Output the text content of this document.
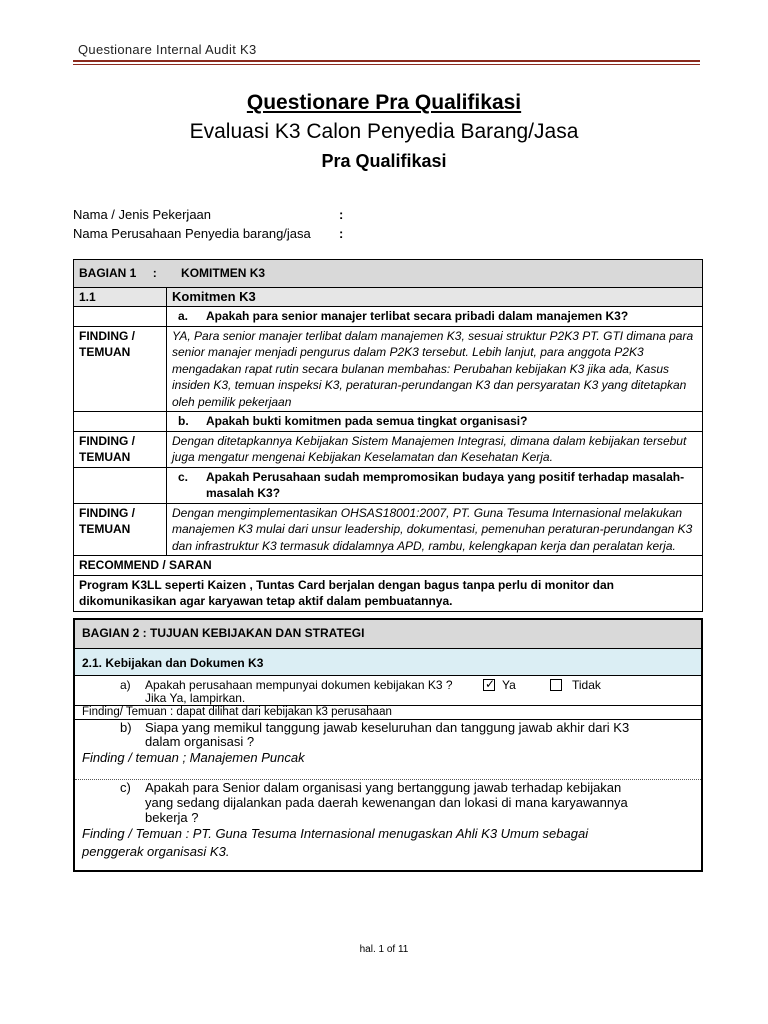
Questionare Internal Audit K3
Questionare Pra Qualifikasi
Evaluasi K3 Calon Penyedia Barang/Jasa
Pra Qualifikasi
Nama / Jenis Pekerjaan	:
Nama Perusahaan Penyedia barang/jasa :
BAGIAN 1 : KOMITMEN K3	
1.1	Komitmen K3

	a. Apakah para senior manajer terlibat secara pribadi dalam manajemen K3?

FINDING /
TEMUAN	YA, Para senior manajer terlibat dalam manajemen K3, sesuai struktur P2K3 PT. GTI dimana para senior manajer menjadi pengurus dalam P2K3 tersebut. Lebih lanjut, para anggota P2K3 mengadakan rapat rutin secara bulanan membahas: Perubahan kebijakan K3 jika ada, Kasus insiden K3, temuan inspeksi K3, peraturan-perundangan K3 dan persyaratan K3 yang ditetapkan oleh pemilik pekerjaan

	b. Apakah bukti komitmen pada semua tingkat organisasi?

FINDING /
TEMUAN	Dengan ditetapkannya Kebijakan Sistem Manajemen Integrasi, dimana dalam kebijakan tersebut juga mengatur mengenai Kebijakan Keselamatan dan Kesehatan Kerja.

	c. Apakah Perusahaan sudah mempromosikan budaya yang positif terhadap masalah-masalah K3?

FINDING /
TEMUAN	Dengan mengimplementasikan OHSAS18001:2007, PT. Guna Tesuma Internasional melakukan manajemen K3 mulai dari unsur leadership, dokumentasi, pemenuhan peraturan-perundangan K3 dan infrastruktur K3 termasuk didalamnya APD, rambu, kelengkapan kerja dan peralatan kerja.
RECOMMEND / SARAN	
Program K3LL seperti Kaizen , Tuntas Card berjalan dengan bagus tanpa perlu di monitor dan dikomunikasikan agar karyawan tetap aktif dalam pembuatannya.	
BAGIAN 2 : TUJUAN KEBIJAKAN DAN STRATEGI
2.1. Kebijakan dan Dokumen K3
a) Apakah perusahaan mempunyai dokumen kebijakan K3 ?	✓ Ya	Tidak
Jika Ya, lampirkan.
Finding/ Temuan : dapat dilihat dari kebijakan k3 perusahaan
b) Siapa yang memikul tanggung jawab keseluruhan dan tanggung jawab akhir dari K3
dalam organisasi ?
Finding / temuan ; Manajemen Puncak
c) Apakah para Senior dalam organisasi yang bertanggung jawab terhadap kebijakan
yang sedang dijalankan pada daerah kewenangan dan lokasi di mana karyawannya
bekerja ?
Finding / Temuan : PT. Guna Tesuma Internasional menugaskan Ahli K3 Umum sebagai
penggerak organisasi K3.
hal. 1 of 11
